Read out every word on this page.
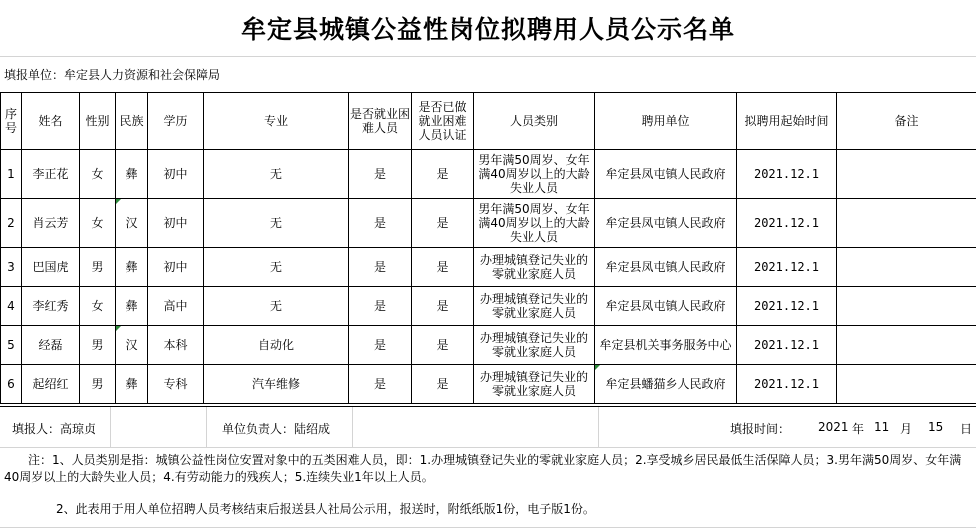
牟定县城镇公益性岗位拟聘用人员公示名单
填报单位：牟定县人力资源和社会保障局
序号	姓名	性别	民族	学历	专业	是否就业困难人员	是否已做就业困难人员认证	人员类别	聘用单位	拟聘用起始时间	备注
1	李正花	女	彝	初中	无	是	是	男年满50周岁、女年满40周岁以上的大龄失业人员	牟定县凤屯镇人民政府	2021.12.1	
2	肖云芳	女	汉	初中	无	是	是	男年满50周岁、女年满40周岁以上的大龄失业人员	牟定县凤屯镇人民政府	2021.12.1	
3	巴国虎	男	彝	初中	无	是	是	办理城镇登记失业的零就业家庭人员	牟定县凤屯镇人民政府	2021.12.1	
4	李红秀	女	彝	高中	无	是	是	办理城镇登记失业的零就业家庭人员	牟定县凤屯镇人民政府	2021.12.1	
5	经磊	男	汉	本科	自动化	是	是	办理城镇登记失业的零就业家庭人员	牟定县机关事务服务中心	2021.12.1	
6	起绍红	男	彝	专科	汽车维修	是	是	办理城镇登记失业的零就业家庭人员	牟定县蟠猫乡人民政府	2021.12.1	
填报人：高琼贞	单位负责人：陆绍成	填报时间： 2021 年 11 月 15 日
注：1、人员类别是指：城镇公益性岗位安置对象中的五类困难人员，即：1.办理城镇登记失业的零就业家庭人员；2.享受城乡居民最低生活保障人员；3.男年满50周岁、女年满40周岁以上的大龄失业人员；4.有劳动能力的残疾人；5.连续失业1年以上人员。
2、此表用于用人单位招聘人员考核结束后报送县人社局公示用，报送时，附纸纸版1份，电子版1份。
